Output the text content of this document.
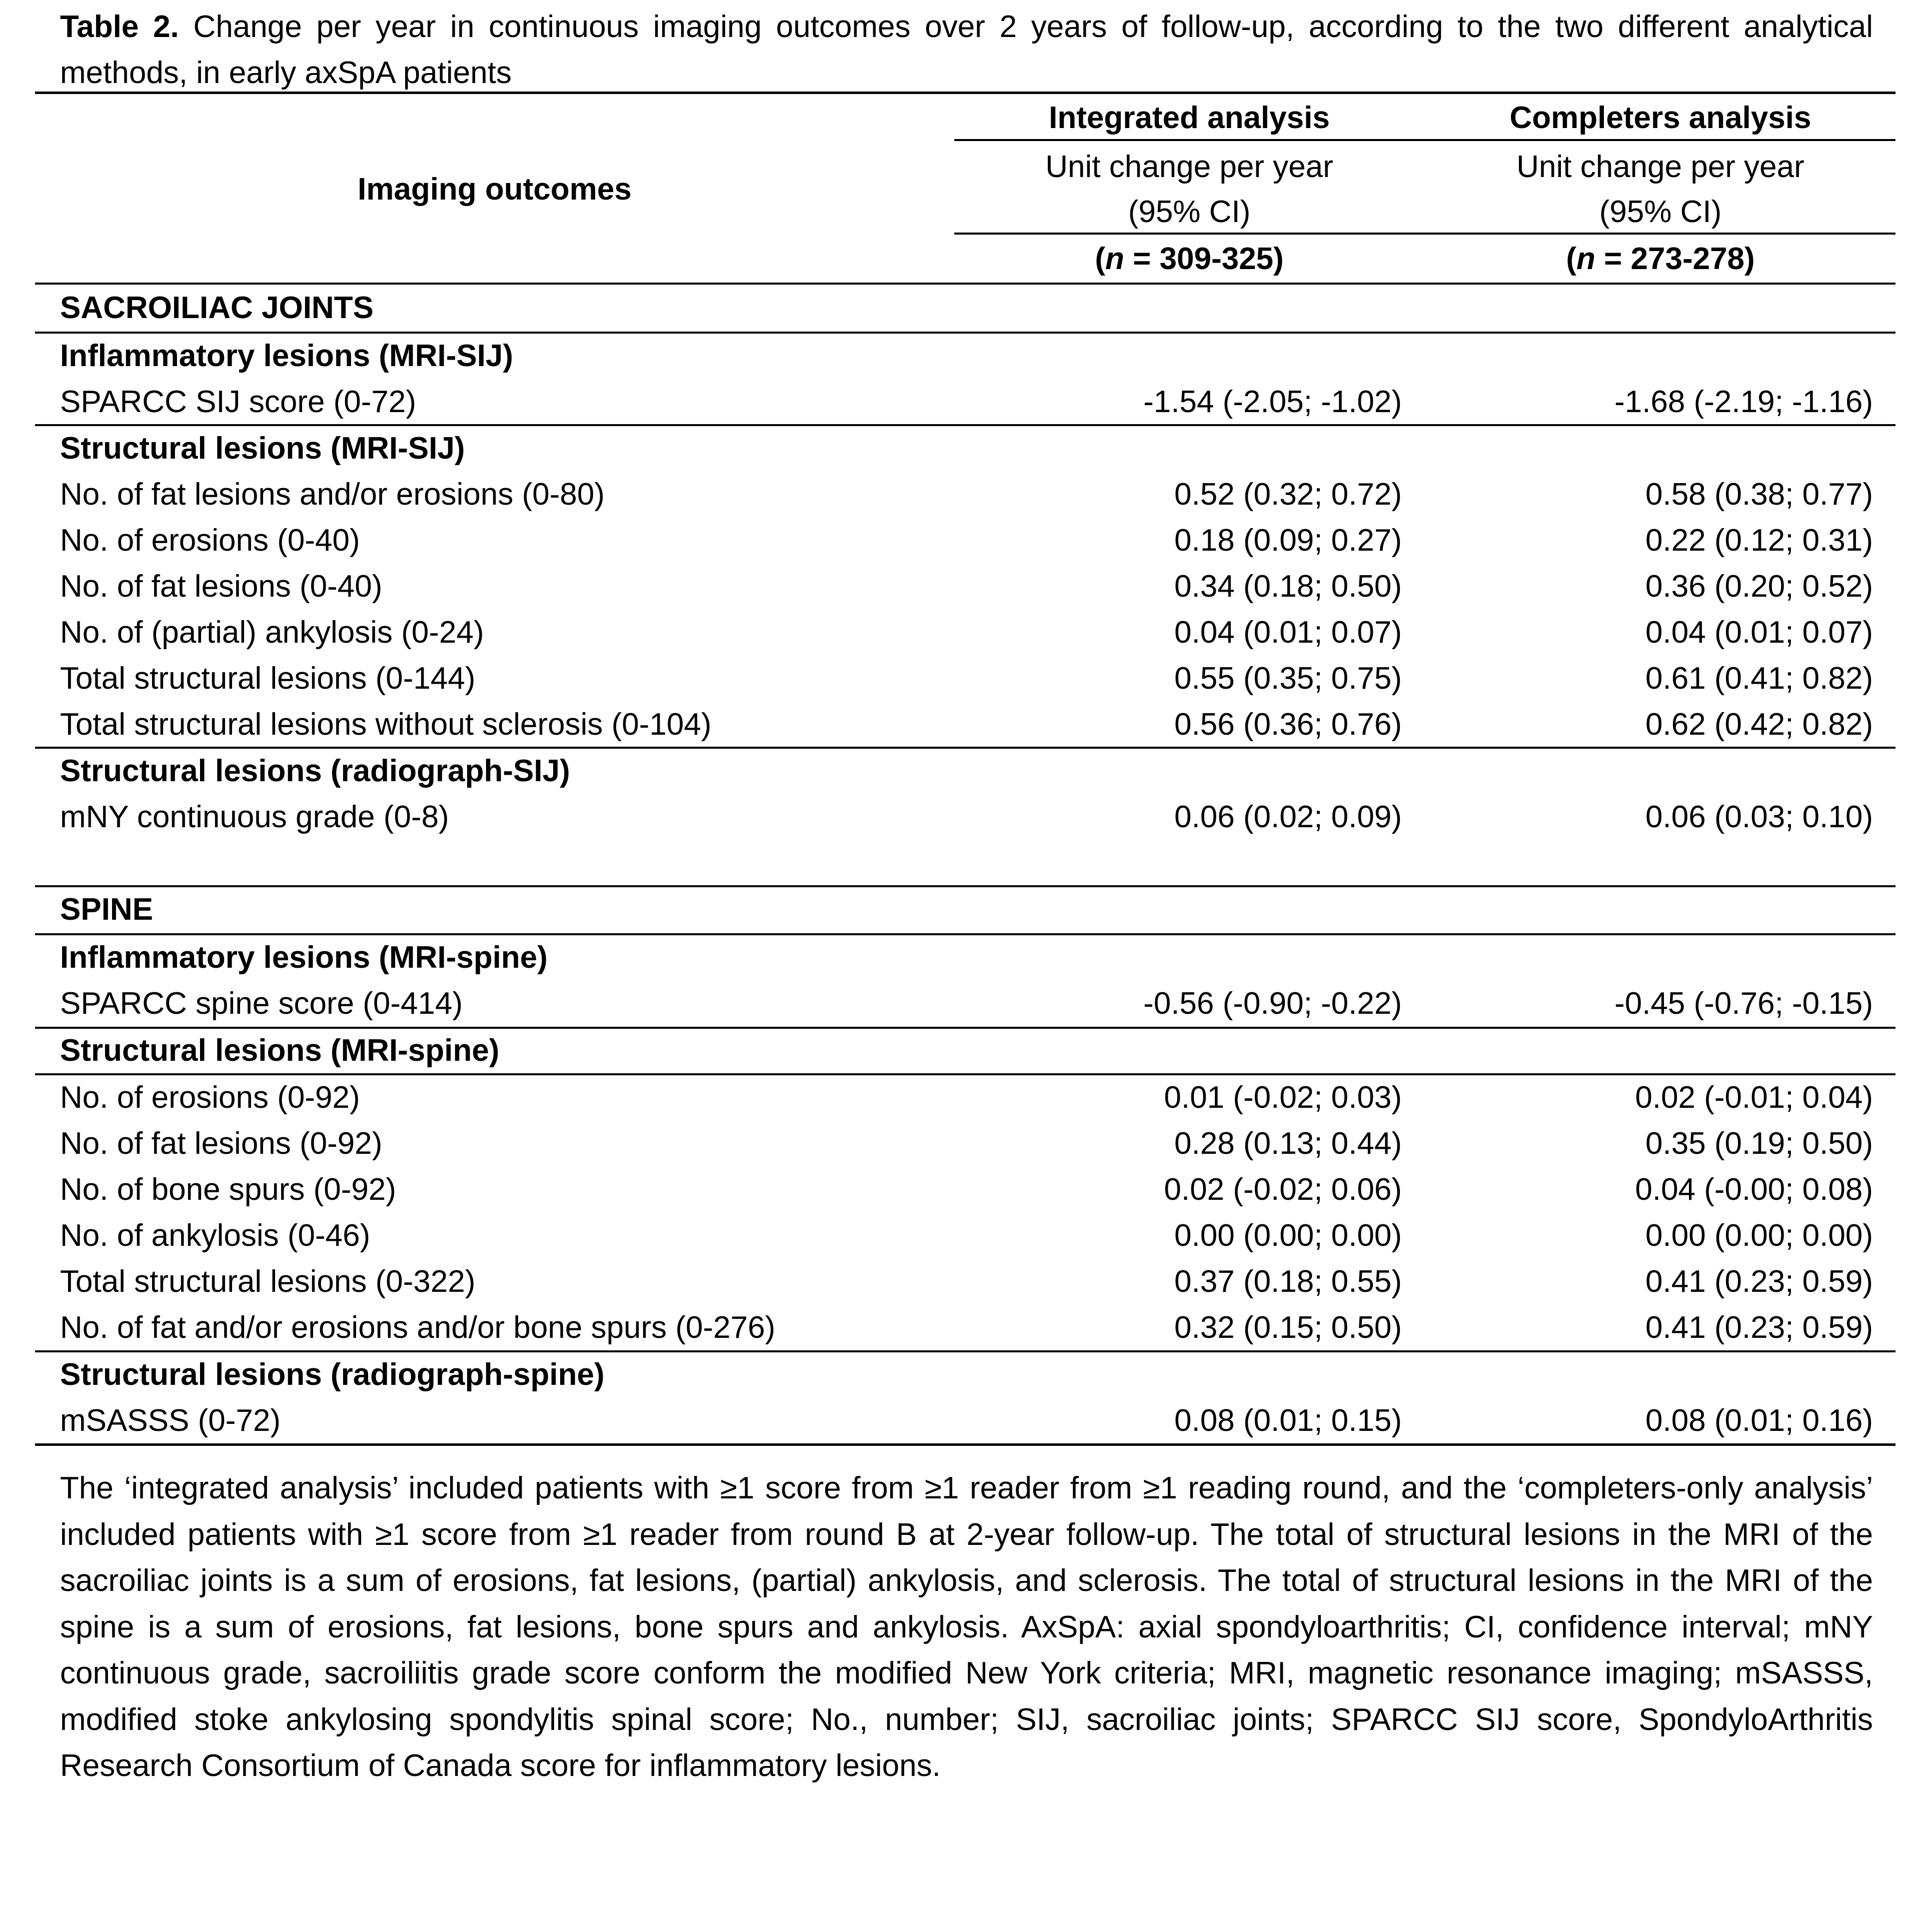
Table 2. Change per year in continuous imaging outcomes over 2 years of follow-up, according to the two different analytical methods, in early axSpA patients
Imaging outcomes
Integrated analysis
Unit change per year
(95% CI)
(n = 309-325)
Completers analysis
Unit change per year
(95% CI)
(n = 273-278)
SACROILIAC JOINTS
Inflammatory lesions (MRI-SIJ)
SPARCC SIJ score (0-72)	-1.54 (-2.05; -1.02)	-1.68 (-2.19; -1.16)
Structural lesions (MRI-SIJ)
No. of fat lesions and/or erosions (0-80)	0.52 (0.32; 0.72)	0.58 (0.38; 0.77)
No. of erosions (0-40)	0.18 (0.09; 0.27)	0.22 (0.12; 0.31)
No. of fat lesions (0-40)	0.34 (0.18; 0.50)	0.36 (0.20; 0.52)
No. of (partial) ankylosis (0-24)	0.04 (0.01; 0.07)	0.04 (0.01; 0.07)
Total structural lesions (0-144)	0.55 (0.35; 0.75)	0.61 (0.41; 0.82)
Total structural lesions without sclerosis (0-104)	0.56 (0.36; 0.76)	0.62 (0.42; 0.82)
Structural lesions (radiograph-SIJ)
mNY continuous grade (0-8)	0.06 (0.02; 0.09)	0.06 (0.03; 0.10)
SPINE
Inflammatory lesions (MRI-spine)
SPARCC spine score (0-414)	-0.56 (-0.90; -0.22)	-0.45 (-0.76; -0.15)
Structural lesions (MRI-spine)
No. of erosions (0-92)	0.01 (-0.02; 0.03)	0.02 (-0.01; 0.04)
No. of fat lesions (0-92)	0.28 (0.13; 0.44)	0.35 (0.19; 0.50)
No. of bone spurs (0-92)	0.02 (-0.02; 0.06)	0.04 (-0.00; 0.08)
No. of ankylosis (0-46)	0.00 (0.00; 0.00)	0.00 (0.00; 0.00)
Total structural lesions (0-322)	0.37 (0.18; 0.55)	0.41 (0.23; 0.59)
No. of fat and/or erosions and/or bone spurs (0-276)	0.32 (0.15; 0.50)	0.41 (0.23; 0.59)
Structural lesions (radiograph-spine)
mSASSS (0-72)	0.08 (0.01; 0.15)	0.08 (0.01; 0.16)
The ‘integrated analysis’ included patients with ≥1 score from ≥1 reader from ≥1 reading round, and the ‘completers-only analysis’ included patients with ≥1 score from ≥1 reader from round B at 2-year follow-up. The total of structural lesions in the MRI of the sacroiliac joints is a sum of erosions, fat lesions, (partial) ankylosis, and sclerosis. The total of structural lesions in the MRI of the spine is a sum of erosions, fat lesions, bone spurs and ankylosis. AxSpA: axial spondyloarthritis; CI, confidence interval; mNY continuous grade, sacroiliitis grade score conform the modified New York criteria; MRI, magnetic resonance imaging; mSASSS, modified stoke ankylosing spondylitis spinal score; No., number; SIJ, sacroiliac joints; SPARCC SIJ score, SpondyloArthritis Research Consortium of Canada score for inflammatory lesions.
